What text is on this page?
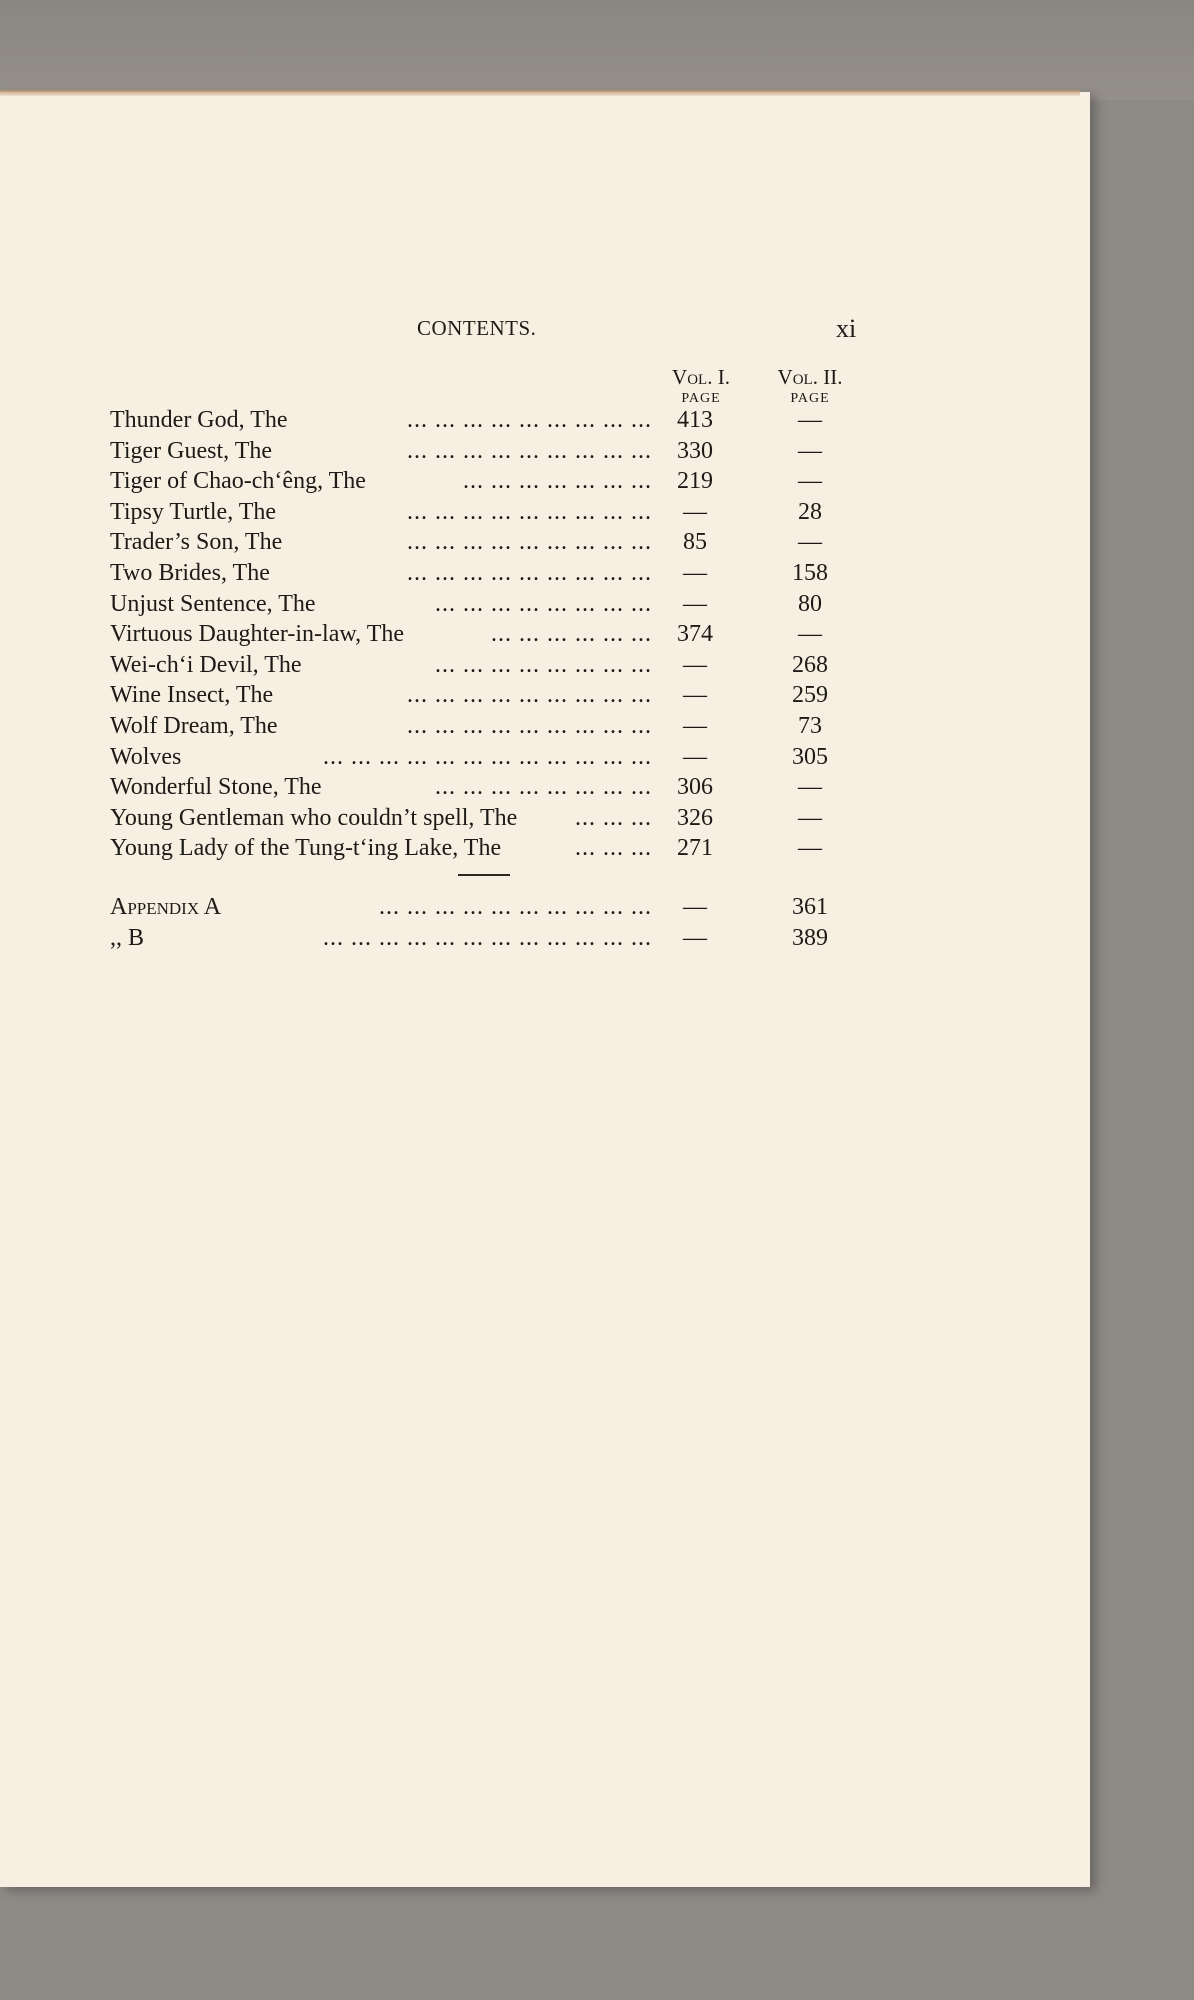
CONTENTS.	xi
Vol. I.
PAGE
Vol. II.
PAGE
Thunder God, The	... ... ... ... ... ... ... ... ...	413	—
Tiger Guest, The	... ... ... ... ... ... ... ... ...	330	—
Tiger of Chao-ch‘êng, The	... ... ... ... ... ... ...	219	—
Tipsy Turtle, The	... ... ... ... ... ... ... ... ...	—	28
Trader’s Son, The	... ... ... ... ... ... ... ... ...	85	—
Two Brides, The	... ... ... ... ... ... ... ... ...	—	158
Unjust Sentence, The	... ... ... ... ... ... ... ...	—	80
Virtuous Daughter-in-law, The	... ... ... ... ... ...	374	—
Wei-ch‘i Devil, The	... ... ... ... ... ... ... ...	—	268
Wine Insect, The	... ... ... ... ... ... ... ... ...	—	259
Wolf Dream, The	... ... ... ... ... ... ... ... ...	—	73
Wolves	... ... ... ... ... ... ... ... ... ... ... ...	—	305
Wonderful Stone, The	... ... ... ... ... ... ... ...	306	—
Young Gentleman who couldn’t spell, The	... ... ...	326	—
Young Lady of the Tung-t‘ing Lake, The	... ... ...	271	—
Appendix A	... ... ... ... ... ... ... ... ... ...	—	361
,, B	... ... ... ... ... ... ... ... ... ... ... ...	—	389
